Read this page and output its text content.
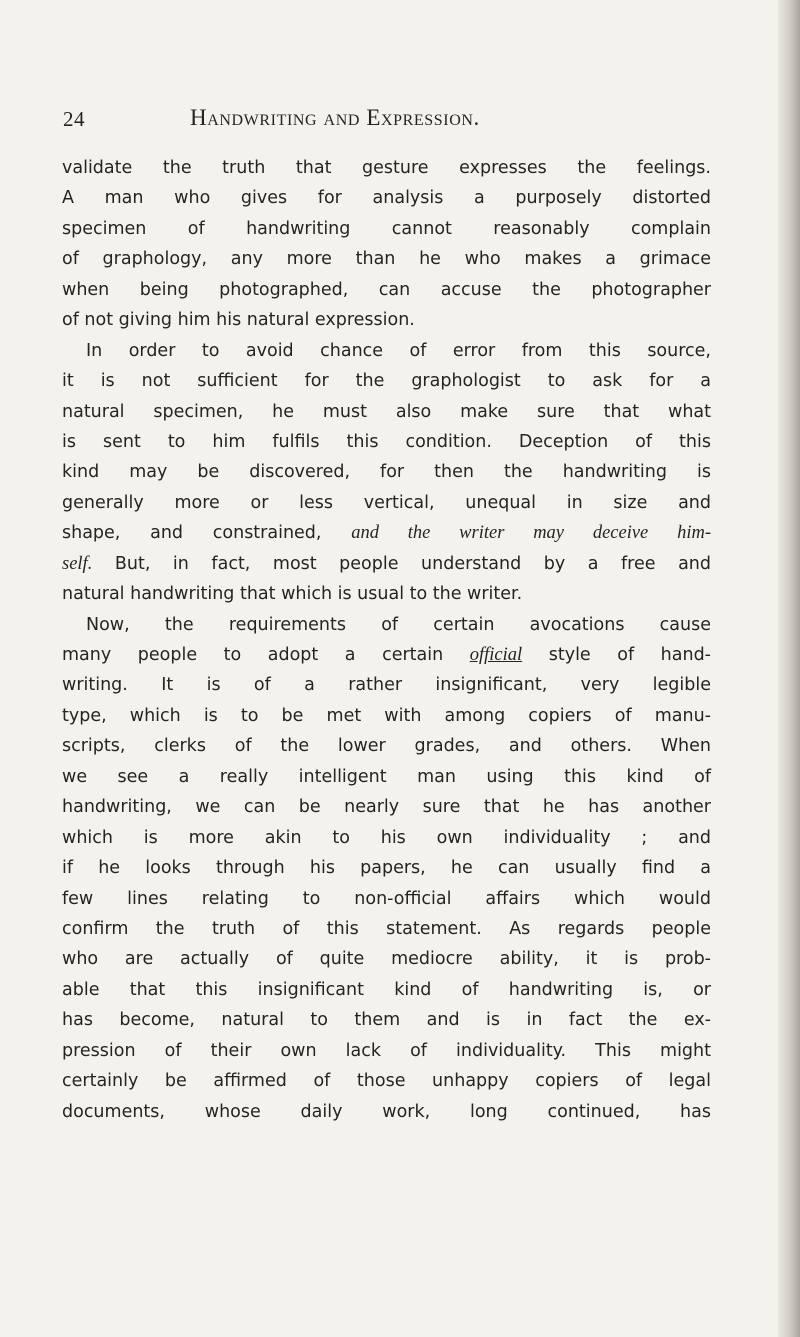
24	Handwriting and Expression.
validate the truth that gesture expresses the feelings.
A man who gives for analysis a purposely distorted
specimen of handwriting cannot reasonably complain
of graphology, any more than he who makes a grimace
when being photographed, can accuse the photographer
of not giving him his natural expression.
In order to avoid chance of error from this source,
it is not sufficient for the graphologist to ask for a
natural specimen, he must also make sure that what
is sent to him fulfils this condition. Deception of this
kind may be discovered, for then the handwriting is
generally more or less vertical, unequal in size and
shape, and constrained, and the writer may deceive him-
self. But, in fact, most people understand by a free and
natural handwriting that which is usual to the writer.
Now, the requirements of certain avocations cause
many people to adopt a certain official style of hand-
writing. It is of a rather insignificant, very legible
type, which is to be met with among copiers of manu-
scripts, clerks of the lower grades, and others. When
we see a really intelligent man using this kind of
handwriting, we can be nearly sure that he has another
which is more akin to his own individuality ; and
if he looks through his papers, he can usually find a
few lines relating to non-official affairs which would
confirm the truth of this statement. As regards people
who are actually of quite mediocre ability, it is prob-
able that this insignificant kind of handwriting is, or
has become, natural to them and is in fact the ex-
pression of their own lack of individuality. This might
certainly be affirmed of those unhappy copiers of legal
documents, whose daily work, long continued, has
